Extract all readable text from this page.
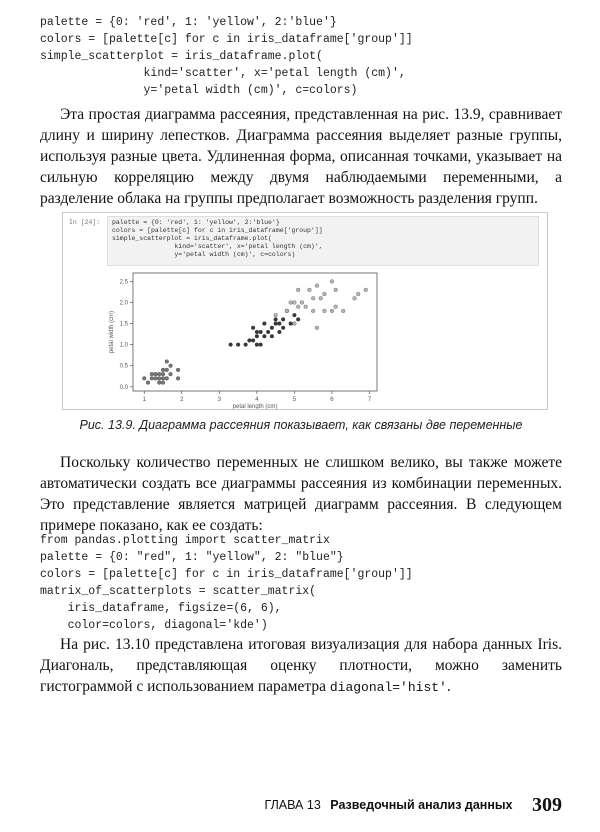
palette = {0: 'red', 1: 'yellow', 2:'blue'}
colors = [palette[c] for c in iris_dataframe['group']]
simple_scatterplot = iris_dataframe.plot(
kind='scatter', x='petal length (cm)',
y='petal width (cm)', c=colors)

Эта простая диаграмма рассеяния, представленная на рис. 13.9, сравнивает длину и ширину лепестков. Диаграмма рассеяния выделяет разные группы, используя разные цвета. Удлиненная форма, описанная точками, указывает на сильную корреляцию между двумя наблюдаемыми переменными, а разделение облака на группы предполагает возможность разделения групп.

In [24]:	palette = {0: 'red', 1: 'yellow', 2:'blue'}
colors = [palette[c] for c in iris_dataframe['group']]
simple_scatterplot = iris_dataframe.plot(
kind='scatter', x='petal length (cm)',
y='petal width (cm)', c=colors)
1	2	3	4	5	6	7
0.0
0.5
1.0
1.5
2.0
2.5
petal length (cm)
petal width (cm)

Рис. 13.9. Диаграмма рассеяния показывает, как связаны две переменные

Поскольку количество переменных не слишком велико, вы также можете автоматически создать все диаграммы рассеяния из комбинации переменных. Это представление является матрицей диаграмм рассеяния. В следующем примере показано, как ее создать:

from pandas.plotting import scatter_matrix
palette = {0: "red", 1: "yellow", 2: "blue"}
colors = [palette[c] for c in iris_dataframe['group']]
matrix_of_scatterplots = scatter_matrix(
iris_dataframe, figsize=(6, 6),
color=colors, diagonal='kde')

На рис. 13.10 представлена итоговая визуализация для набора данных Iris. Диагональ, представляющая оценку плотности, можно заменить гистограммой с использованием параметра diagonal='hist'.

ГЛАВА 13 Разведочный анализ данных 309
